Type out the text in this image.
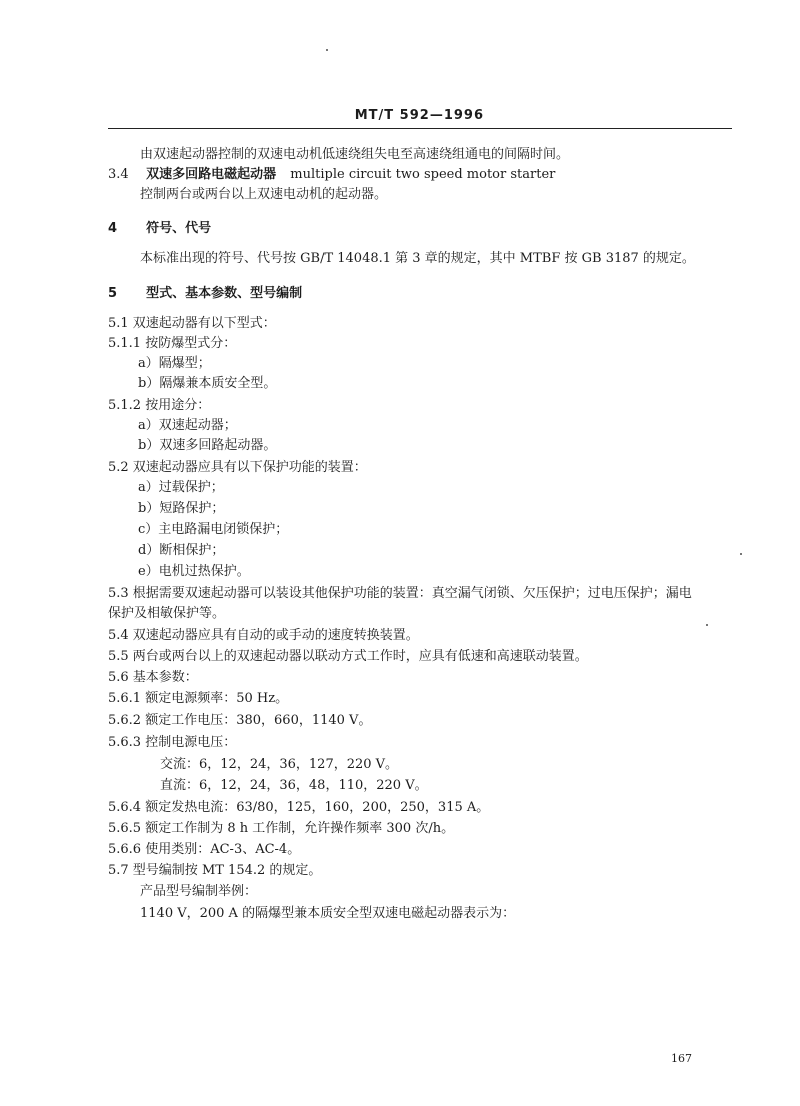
MT/T 592—1996
由双速起动器控制的双速电动机低速绕组失电至高速绕组通电的间隔时间。
3.4 双速多回路电磁起动器 multiple circuit two speed motor starter
控制两台或两台以上双速电动机的起动器。
4 符号、代号
本标准出现的符号、代号按 GB/T 14048.1 第 3 章的规定，其中 MTBF 按 GB 3187 的规定。
5 型式、基本参数、型号编制
5.1 双速起动器有以下型式：
5.1.1 按防爆型式分：
a）隔爆型；
b）隔爆兼本质安全型。
5.1.2 按用途分：
a）双速起动器；
b）双速多回路起动器。
5.2 双速起动器应具有以下保护功能的装置：
a）过载保护；
b）短路保护；
c）主电路漏电闭锁保护；
d）断相保护；
e）电机过热保护。
5.3 根据需要双速起动器可以装设其他保护功能的装置：真空漏气闭锁、欠压保护；过电压保护；漏电
保护及相敏保护等。
5.4 双速起动器应具有自动的或手动的速度转换装置。
5.5 两台或两台以上的双速起动器以联动方式工作时，应具有低速和高速联动装置。
5.6 基本参数：
5.6.1 额定电源频率：50 Hz。
5.6.2 额定工作电压：380，660，1140 V。
5.6.3 控制电源电压：
交流：6，12，24，36，127，220 V。
直流：6，12，24，36，48，110，220 V。
5.6.4 额定发热电流：63/80，125，160，200，250，315 A。
5.6.5 额定工作制为 8 h 工作制，允许操作频率 300 次/h。
5.6.6 使用类别：AC-3、AC-4。
5.7 型号编制按 MT 154.2 的规定。
产品型号编制举例：
1140 V，200 A 的隔爆型兼本质安全型双速电磁起动器表示为：
167
